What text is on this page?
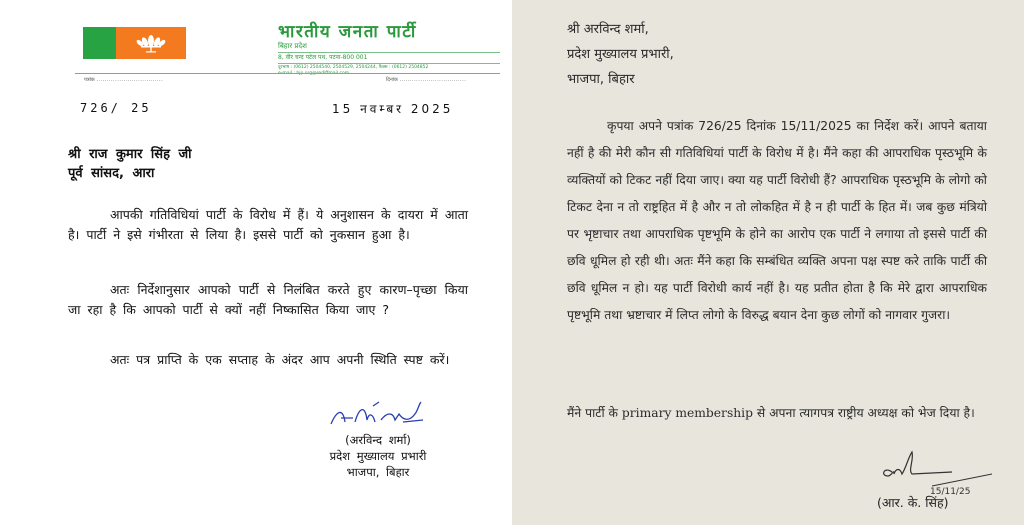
भारतीय जनता पार्टी
बिहार प्रदेश
8, वीर चन्द पटेल पथ, पटना-800 001
दूरभाष : (0612) 2504540, 2504529, 2504244, फैक्स : (0612) 2504852
e-mail : bjp.org@rediffmail.com
पत्रांक ................................	दिनांक ................................
726/ 25	15 नवम्बर 2025
श्री राज कुमार सिंह जी
पूर्व सांसद, आरा
आपकी गतिविधियां पार्टी के विरोध में हैं। ये अनुशासन के दायरा में आता है। पार्टी ने इसे गंभीरता से लिया है। इससे पार्टी को नुकसान हुआ है।
अतः निर्देशानुसार आपको पार्टी से निलंबित करते हुए कारण–पृच्छा किया जा रहा है कि आपको पार्टी से क्यों नहीं निष्कासित किया जाए ?
अतः पत्र प्राप्ति के एक सप्ताह के अंदर आप अपनी स्थिति स्पष्ट करें।
(अरविन्द शर्मा)
प्रदेश मुख्यालय प्रभारी
भाजपा, बिहार
श्री अरविन्द शर्मा,
प्रदेश मुख्यालय प्रभारी,
भाजपा, बिहार
कृपया अपने पत्रांक 726/25 दिनांक 15/11/2025 का निर्देश करें। आपने बताया नहीं है की मेरी कौन सी गतिविधियां पार्टी के विरोध में है। मैंने कहा की आपराधिक पृस्ठभूमि के व्यक्तियों को टिकट नहीं दिया जाए। क्या यह पार्टी विरोधी हैं? आपराधिक पृस्ठभूमि के लोगो को टिकट देना न तो राष्ट्रहित में है और न तो लोकहित में है न ही पार्टी के हित में। जब कुछ मंत्रियो पर भृष्टाचार तथा आपराधिक पृष्टभूमि के होने का आरोप एक पार्टी ने लगाया तो इससे पार्टी की छवि धूमिल हो रही थी। अतः मैंने कहा कि सम्बंधित व्यक्ति अपना पक्ष स्पष्ट करे ताकि पार्टी की छवि धूमिल न हो। यह पार्टी विरोधी कार्य नहीं है। यह प्रतीत होता है कि मेरे द्वारा आपराधिक पृष्टभूमि तथा भ्रष्टाचार में लिप्त लोगो के विरुद्ध बयान देना कुछ लोगों को नागवार गुजरा।
मैंने पार्टी के primary membership से अपना त्यागपत्र राष्ट्रीय अध्यक्ष को भेज दिया है।
15/11/25
(आर. के. सिंह)
